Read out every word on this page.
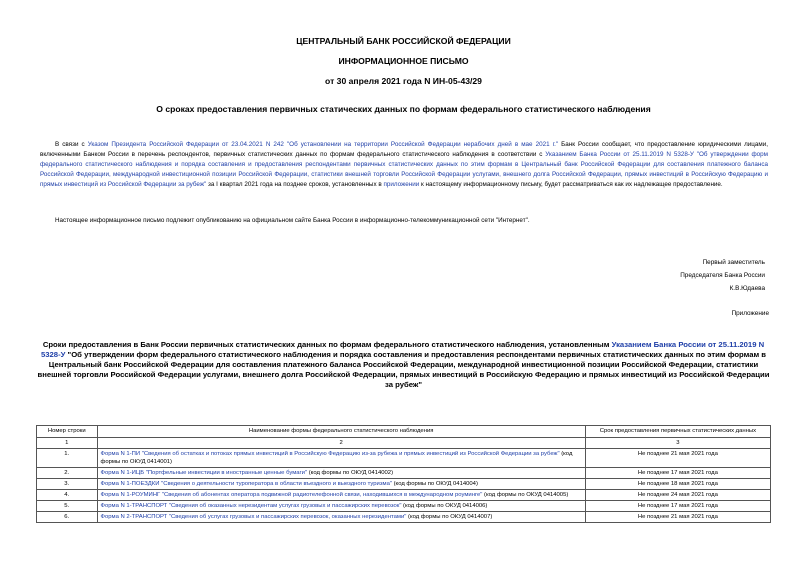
ЦЕНТРАЛЬНЫЙ БАНК РОССИЙСКОЙ ФЕДЕРАЦИИ
ИНФОРМАЦИОННОЕ ПИСЬМО
от 30 апреля 2021 года N ИН-05-43/29
О сроках предоставления первичных статических данных по формам федерального статистического наблюдения

В связи с Указом Президента Российской Федерации от 23.04.2021 N 242 "Об установлении на территории Российской Федерации нерабочих дней в мае 2021 г." Банк России сообщает, что предоставление юридическими лицами, включенными Банком России в перечень респондентов, первичных статистических данных по формам федерального статистического наблюдения в соответствии с Указанием Банка России от 25.11.2019 N 5328-У "Об утверждении форм федерального статистического наблюдения и порядка составления и предоставления респондентами первичных статистических данных по этим формам в Центральный банк Российской Федерации для составления платежного баланса Российской Федерации, международной инвестиционной позиции Российской Федерации, статистики внешней торговли Российской Федерации услугами, внешнего долга Российской Федерации, прямых инвестиций в Российскую Федерацию и прямых инвестиций из Российской Федерации за рубеж" за I квартал 2021 года на позднее сроков, установленных в приложении к настоящему информационному письму, будет рассматриваться как их надлежащее предоставление.

Настоящее информационное письмо подлежит опубликованию на официальном сайте Банка России в информационно-телекоммуникационной сети "Интернет".

Первый заместитель
Председателя Банка России
К.В.Юдаева
Приложение

Сроки предоставления в Банк России первичных статистических данных по формам федерального статистического наблюдения, установленным Указанием Банка России от 25.11.2019 N 5328-У "Об утверждении форм федерального статистического наблюдения и порядка составления и предоставления респондентами первичных статистических данных по этим формам в Центральный банк Российской Федерации для составления платежного баланса Российской Федерации, международной инвестиционной позиции Российской Федерации, статистики внешней торговли Российской Федерации услугами, внешнего долга Российской Федерации, прямых инвестиций в Российскую Федерацию и прямых инвестиций из Российской Федерации за рубеж"

Номер строки	Наименование формы федерального статистического наблюдения	Срок предоставления первичных статистических данных
1	2	3
1.	Форма N 1-ПИ "Сведения об остатках и потоках прямых инвестиций в Российскую Федерацию из-за рубежа и прямых инвестиций из Российской Федерации за рубеж" (код формы по ОКУД 0414001)	Не позднее 21 мая 2021 года
2.	Форма N 1-ИЦБ "Портфельные инвестиции в иностранные ценные бумаги" (код формы по ОКУД 0414002)	Не позднее 17 мая 2021 года
3.	Форма N 1-ПОЕЗДКИ "Сведения о деятельности туроператора в области въездного и выездного туризма" (код формы по ОКУД 0414004)	Не позднее 18 мая 2021 года
4.	Форма N 1-РОУМИНГ "Сведения об абонентах оператора подвижной радиотелефонной связи, находившихся в международном роуминге" (код формы по ОКУД 0414005)	Не позднее 24 мая 2021 года
5.	Форма N 1-ТРАНСПОРТ "Сведения об оказанных нерезидентам услугах грузовых и пассажирских перевозок" (код формы по ОКУД 0414006)	Не позднее 17 мая 2021 года
6.	Форма N 2-ТРАНСПОРТ "Сведения об услугах грузовых и пассажирских перевозок, оказанных нерезидентами" (код формы по ОКУД 0414007)	Не позднее 21 мая 2021 года
